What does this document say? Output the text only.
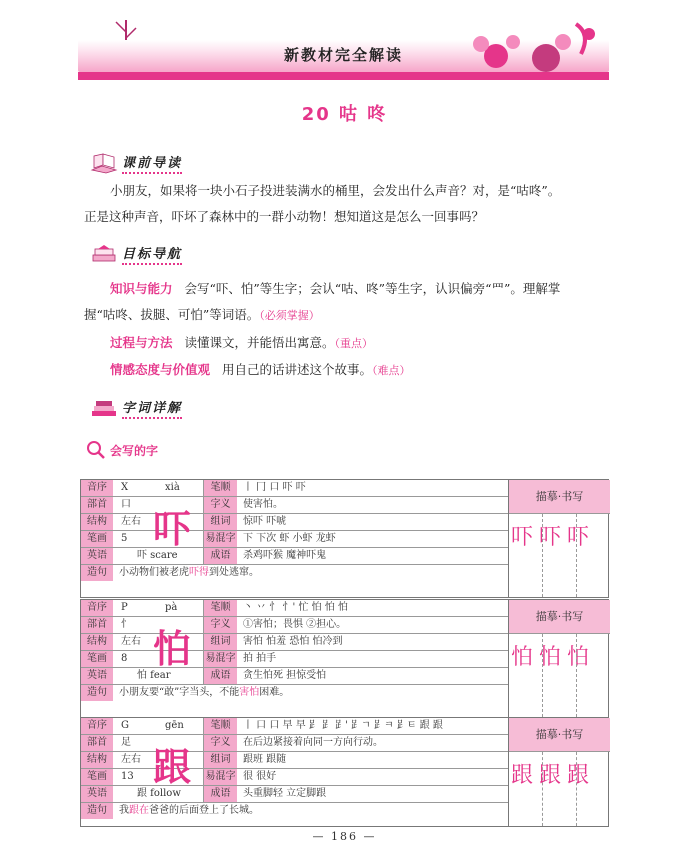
新教材完全解读
20 咕 咚
课前导读
小朋友，如果将一块小石子投进装满水的桶里，会发出什么声音？对，是“咕咚”。
正是这种声音，吓坏了森林中的一群小动物！想知道这是怎么一回事吗？
目标导航
知识与能力 会写“吓、怕”等生字；会认“咕、咚”等生字，认识偏旁“罒”。理解掌
握“咕咚、拔腿、可怕”等词语。（必须掌握）
过程与方法 读懂课文，并能悟出寓意。（重点）
情感态度与价值观 用自己的话讲述这个故事。（难点）
字词详解
会写的字
音序	X	xià	笔顺	丨 冂 口 吓 吓
部首	口	字义	使害怕。
结构	左右	组词	惊吓 吓唬
笔画	5	易混字 下 下次 虾 小虾 龙虾
英语	吓 scare	成语	杀鸡吓猴 魔神吓鬼
造句	小动物们被老虎吓得到处逃窜。
吓
描摹·书写
吓吓吓
音序	P	pà	笔顺	丶 丷 忄 忄' 忙 怕 怕 怕
部首	忄	字义	①害怕；畏惧 ②担心。
结构	左右	组词	害怕 怕羞 恐怕 怕冷到
笔画	8	易混字 拍 拍手
英语	怕 fear	成语	贪生怕死 担惊受怕
造句	小朋友要“敢”字当头，不能害怕困难。
怕
描摹·书写
怕怕怕
音序	G	gēn	笔顺	丨 口 口 早 早 𧾷 𧾷 𧾷' 𧾷ㄱ 𧾷ㅋ 𧾷ㅌ 跟 跟
部首	足	字义	在后边紧接着向同一方向行动。
结构	左右	组词	跟班 跟随
笔画	13	易混字 很 很好
英语	跟 follow	成语	头重脚轻 立定脚跟
造句	我跟在爸爸的后面登上了长城。
跟
描摹·书写
跟跟跟
— 186 —
